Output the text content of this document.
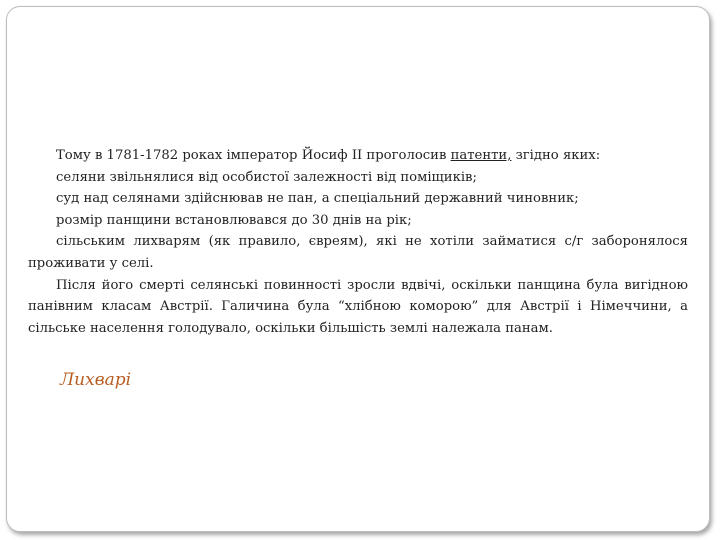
Тому в 1781-1782 роках імператор Йосиф II проголосив патенти, згідно яких:

селяни звільнялися від особистої залежності від поміщиків;

суд над селянами здійснював не пан, а спеціальний державний чиновник;

розмір панщини встановлювався до 30 днів на рік;

сільським лихварям (як правило, євреям), які не хотіли займатися с/г заборонялося проживати у селі.

Після його смерті селянські повинності зросли вдвічі, оскільки панщина була вигідною панівним класам Австрії. Галичина була “хлібною коморою” для Австрії і Німеччини, а сільське населення голодувало, оскільки більшість землі належала панам.

Лихварі
